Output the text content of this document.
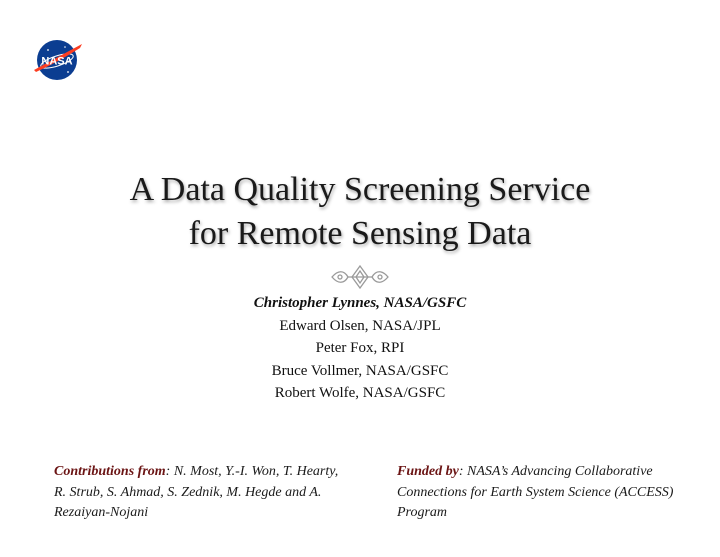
NASA
A Data Quality Screening Service
for Remote Sensing Data
Christopher Lynnes, NASA/GSFC
Edward Olsen, NASA/JPL
Peter Fox, RPI
Bruce Vollmer, NASA/GSFC
Robert Wolfe, NASA/GSFC
Contributions from: N. Most, Y.-I. Won, T. Hearty, R. Strub, S. Ahmad, S. Zednik, M. Hegde and A. Rezaiyan-Nojani
Funded by: NASA’s Advancing Collaborative Connections for Earth System Science (ACCESS) Program
